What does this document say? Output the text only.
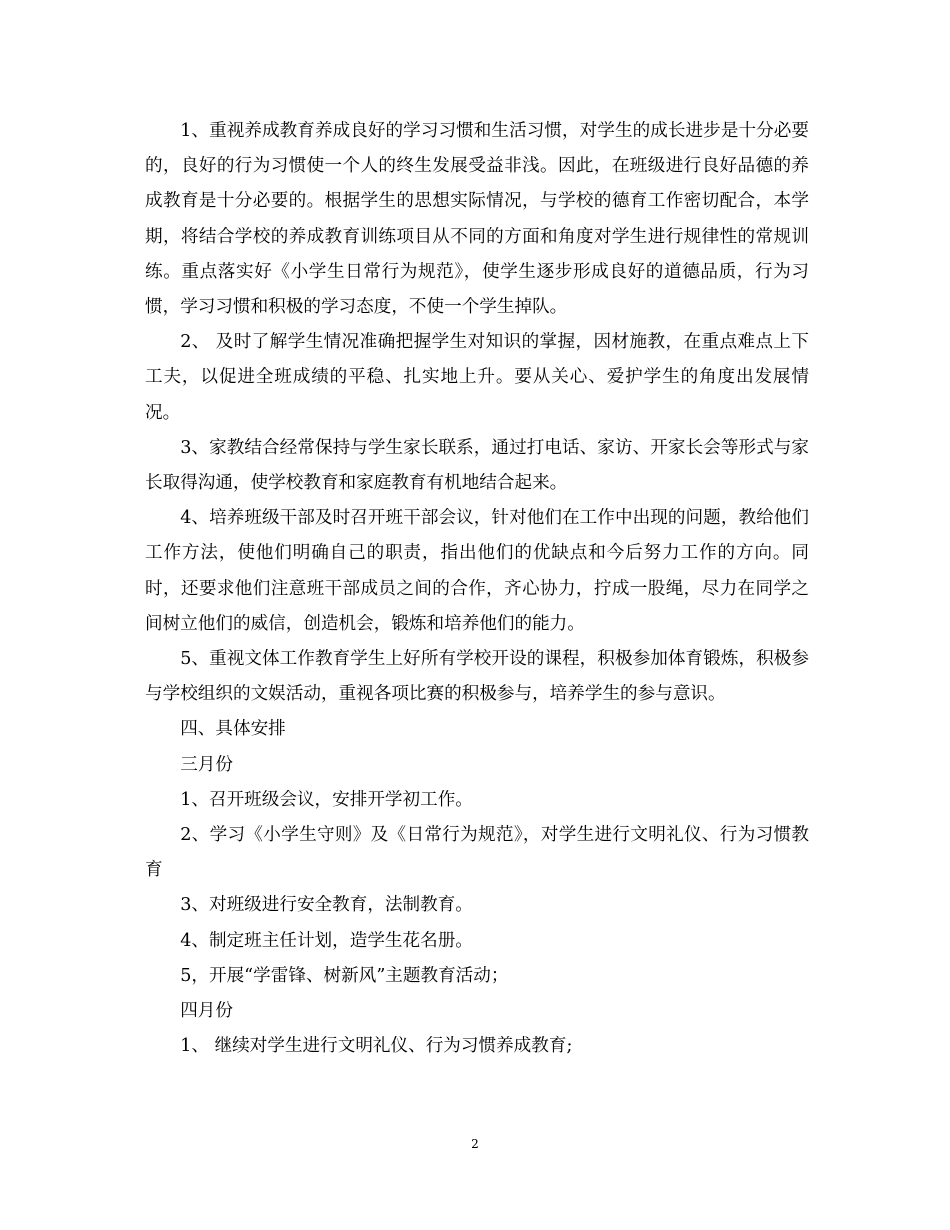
1、重视养成教育养成良好的学习习惯和生活习惯，对学生的成长进步是十分必要的，良好的行为习惯使一个人的终生发展受益非浅。因此，在班级进行良好品德的养成教育是十分必要的。根据学生的思想实际情况，与学校的德育工作密切配合，本学期，将结合学校的养成教育训练项目从不同的方面和角度对学生进行规律性的常规训练。重点落实好《小学生日常行为规范》，使学生逐步形成良好的道德品质，行为习惯，学习习惯和积极的学习态度，不使一个学生掉队。

2、 及时了解学生情况准确把握学生对知识的掌握，因材施教，在重点难点上下工夫，以促进全班成绩的平稳、扎实地上升。要从关心、爱护学生的角度出发展情况。

3、家教结合经常保持与学生家长联系，通过打电话、家访、开家长会等形式与家长取得沟通，使学校教育和家庭教育有机地结合起来。

4、培养班级干部及时召开班干部会议，针对他们在工作中出现的问题，教给他们工作方法，使他们明确自己的职责，指出他们的优缺点和今后努力工作的方向。同时，还要求他们注意班干部成员之间的合作，齐心协力，拧成一股绳，尽力在同学之间树立他们的威信，创造机会，锻炼和培养他们的能力。

5、重视文体工作教育学生上好所有学校开设的课程，积极参加体育锻炼，积极参与学校组织的文娱活动，重视各项比赛的积极参与，培养学生的参与意识。

四、具体安排

三月份

1、召开班级会议，安排开学初工作。

2、学习《小学生守则》及《日常行为规范》，对学生进行文明礼仪、行为习惯教育

3、对班级进行安全教育，法制教育。

4、制定班主任计划，造学生花名册。

5，开展“学雷锋、树新风”主题教育活动；

四月份

1、 继续对学生进行文明礼仪、行为习惯养成教育;

2
